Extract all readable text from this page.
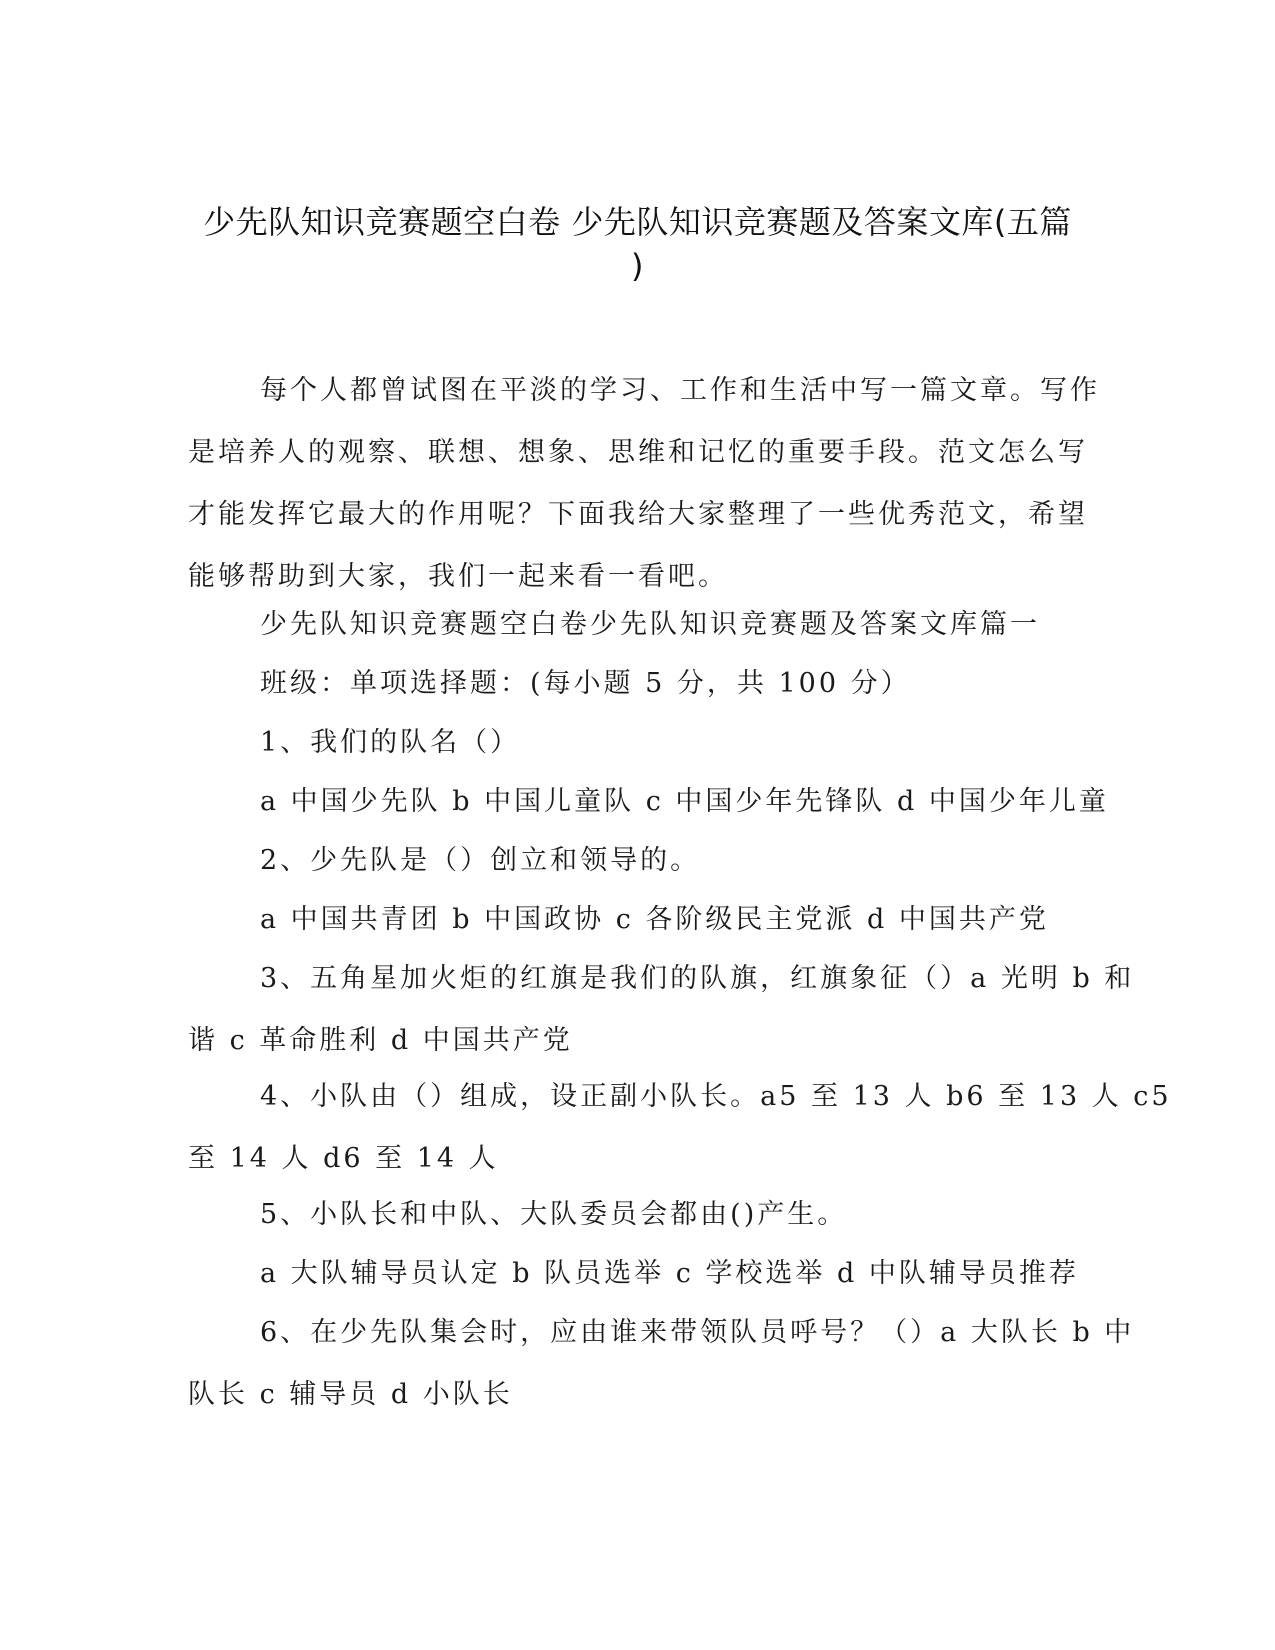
少先队知识竞赛题空白卷 少先队知识竞赛题及答案文库(五篇
)
每个人都曾试图在平淡的学习、工作和生活中写一篇文章。写作
是培养人的观察、联想、想象、思维和记忆的重要手段。范文怎么写
才能发挥它最大的作用呢？下面我给大家整理了一些优秀范文，希望
能够帮助到大家，我们一起来看一看吧。
少先队知识竞赛题空白卷少先队知识竞赛题及答案文库篇一
班级：单项选择题：(每小题 5 分，共 100 分）
1、我们的队名（）
a 中国少先队 b 中国儿童队 c 中国少年先锋队 d 中国少年儿童
2、少先队是（）创立和领导的。
a 中国共青团 b 中国政协 c 各阶级民主党派 d 中国共产党
3、五角星加火炬的红旗是我们的队旗，红旗象征（）a 光明 b 和
谐 c 革命胜利 d 中国共产党
4、小队由（）组成，设正副小队长。a5 至 13 人 b6 至 13 人 c5
至 14 人 d6 至 14 人
5、小队长和中队、大队委员会都由()产生。
a 大队辅导员认定 b 队员选举 c 学校选举 d 中队辅导员推荐
6、在少先队集会时，应由谁来带领队员呼号？（）a 大队长 b 中
队长 c 辅导员 d 小队长
